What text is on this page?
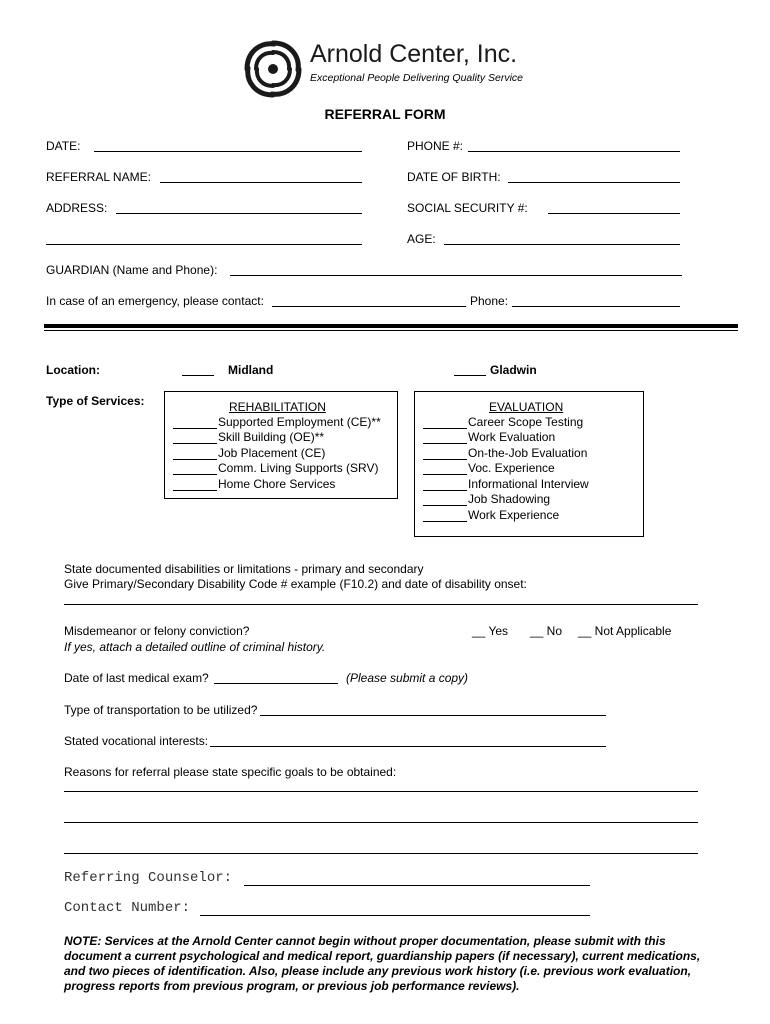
Arnold Center, Inc.
Exceptional People Delivering Quality Service
REFERRAL FORM
DATE:	PHONE #:
REFERRAL NAME:	DATE OF BIRTH:
ADDRESS:	SOCIAL SECURITY #:
AGE:
GUARDIAN (Name and Phone):
In case of an emergency, please contact:	Phone:
Location:	Midland	Gladwin
Type of Services:	REHABILITATION
Supported Employment (CE)**
Skill Building (OE)**
Job Placement (CE)
Comm. Living Supports (SRV)
Home Chore Services
EVALUATION
Career Scope Testing
Work Evaluation
On-the-Job Evaluation
Voc. Experience
Informational Interview
Job Shadowing
Work Experience
State documented disabilities or limitations - primary and secondary
Give Primary/Secondary Disability Code # example (F10.2) and date of disability onset:
Misdemeanor or felony conviction?
If yes, attach a detailed outline of criminal history.
__ Yes __ No __ Not Applicable
Date of last medical exam?	(Please submit a copy)
Type of transportation to be utilized?
Stated vocational interests:
Reasons for referral please state specific goals to be obtained:
Referring Counselor:
Contact Number:
NOTE: Services at the Arnold Center cannot begin without proper documentation, please submit with this document a current psychological and medical report, guardianship papers (if necessary), current medications, and two pieces of identification. Also, please include any previous work history (i.e. previous work evaluation, progress reports from previous program, or previous job performance reviews).
